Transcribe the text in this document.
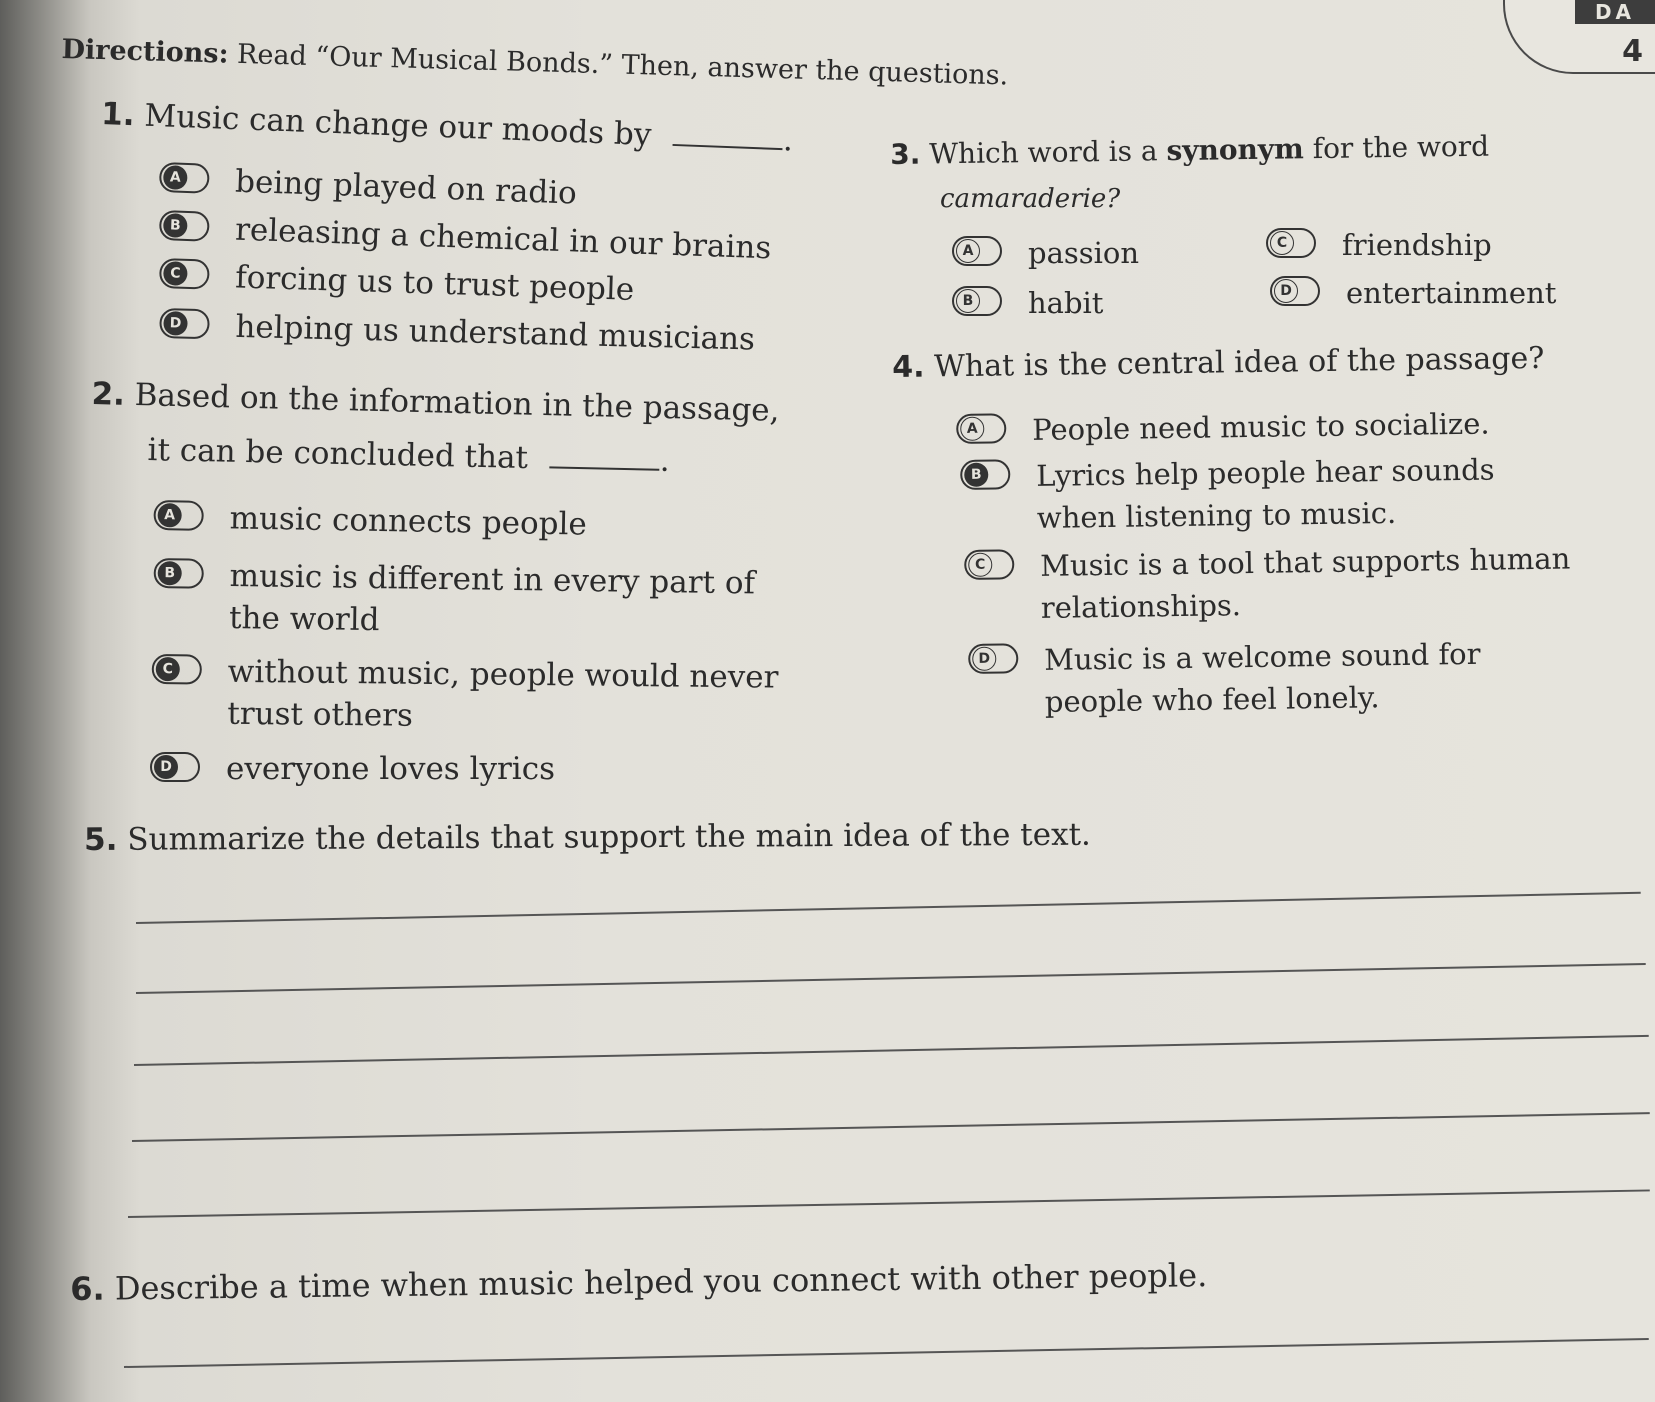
DA
4
Directions: Read “Our Musical Bonds.” Then, answer the questions.
1. Music can change our moods by	.
A being played on radio
B releasing a chemical in our brains
C forcing us to trust people
D helping us understand musicians
2. Based on the information in the passage,
it can be concluded that	.
A music connects people
B music is different in every part of
the world
C without music, people would never
trust others
D everyone loves lyrics
3. Which word is a synonym for the word
camaraderie?
A passion
B habit
C friendship
D entertainment
4. What is the central idea of the passage?
A People need music to socialize.
B Lyrics help people hear sounds
when listening to music.
C Music is a tool that supports human
relationships.
D Music is a welcome sound for
people who feel lonely.
5. Summarize the details that support the main idea of the text.
6. Describe a time when music helped you connect with other people.
